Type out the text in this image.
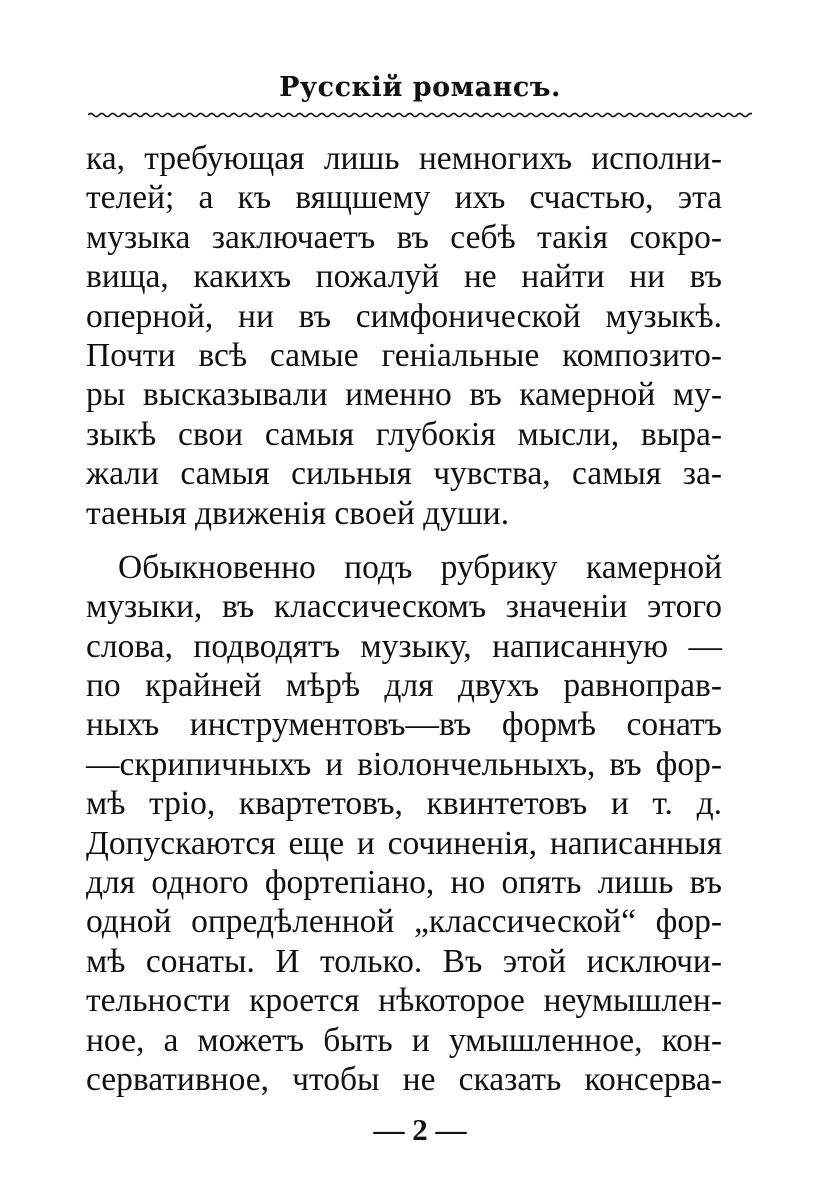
Русскій романсъ.
ка, требующая лишь немногихъ исполни-
телей; а къ вящшему ихъ счастью, эта
музыка заключаетъ въ себѣ такія сокро-
вища, какихъ пожалуй не найти ни въ
оперной, ни въ симфонической музыкѣ.
Почти всѣ самые геніальные композито-
ры высказывали именно въ камерной му-
зыкѣ свои самыя глубокія мысли, выра-
жали самыя сильныя чувства, самыя за-
таеныя движенія своей души.
Обыкновенно подъ рубрику камерной
музыки, въ классическомъ значеніи этого
слова, подводятъ музыку, написанную —
по крайней мѣрѣ для двухъ равноправ-
ныхъ инструментовъ—въ формѣ сонатъ
—скрипичныхъ и віолончельныхъ, въ фор-
мѣ тріо, квартетовъ, квинтетовъ и т. д.
Допускаются еще и сочиненія, написанныя
для одного фортепіано, но опять лишь въ
одной опредѣленной „классической“ фор-
мѣ сонаты. И только. Въ этой исключи-
тельности кроется нѣкоторое неумышлен-
ное, а можетъ быть и умышленное, кон-
сервативное, чтобы не сказать консерва-
— 2 —
